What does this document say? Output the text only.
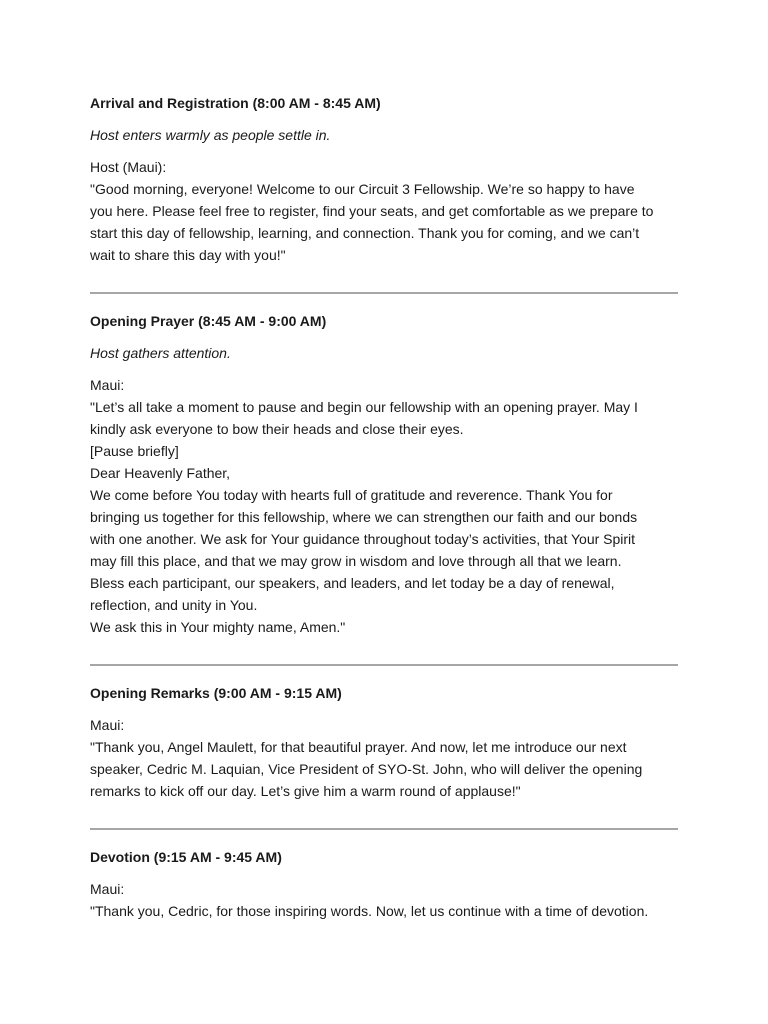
Arrival and Registration (8:00 AM - 8:45 AM)

Host enters warmly as people settle in.

Host (Maui):

"Good morning, everyone! Welcome to our Circuit 3 Fellowship. We’re so happy to have

you here. Please feel free to register, find your seats, and get comfortable as we prepare to

start this day of fellowship, learning, and connection. Thank you for coming, and we can’t

wait to share this day with you!"

Opening Prayer (8:45 AM - 9:00 AM)

Host gathers attention.

Maui:

"Let’s all take a moment to pause and begin our fellowship with an opening prayer. May I

kindly ask everyone to bow their heads and close their eyes.

[Pause briefly]

Dear Heavenly Father,

We come before You today with hearts full of gratitude and reverence. Thank You for

bringing us together for this fellowship, where we can strengthen our faith and our bonds

with one another. We ask for Your guidance throughout today’s activities, that Your Spirit

may fill this place, and that we may grow in wisdom and love through all that we learn.

Bless each participant, our speakers, and leaders, and let today be a day of renewal,

reflection, and unity in You.

We ask this in Your mighty name, Amen."

Opening Remarks (9:00 AM - 9:15 AM)

Maui:

"Thank you, Angel Maulett, for that beautiful prayer. And now, let me introduce our next

speaker, Cedric M. Laquian, Vice President of SYO-St. John, who will deliver the opening

remarks to kick off our day. Let’s give him a warm round of applause!"

Devotion (9:15 AM - 9:45 AM)

Maui:

"Thank you, Cedric, for those inspiring words. Now, let us continue with a time of devotion.
